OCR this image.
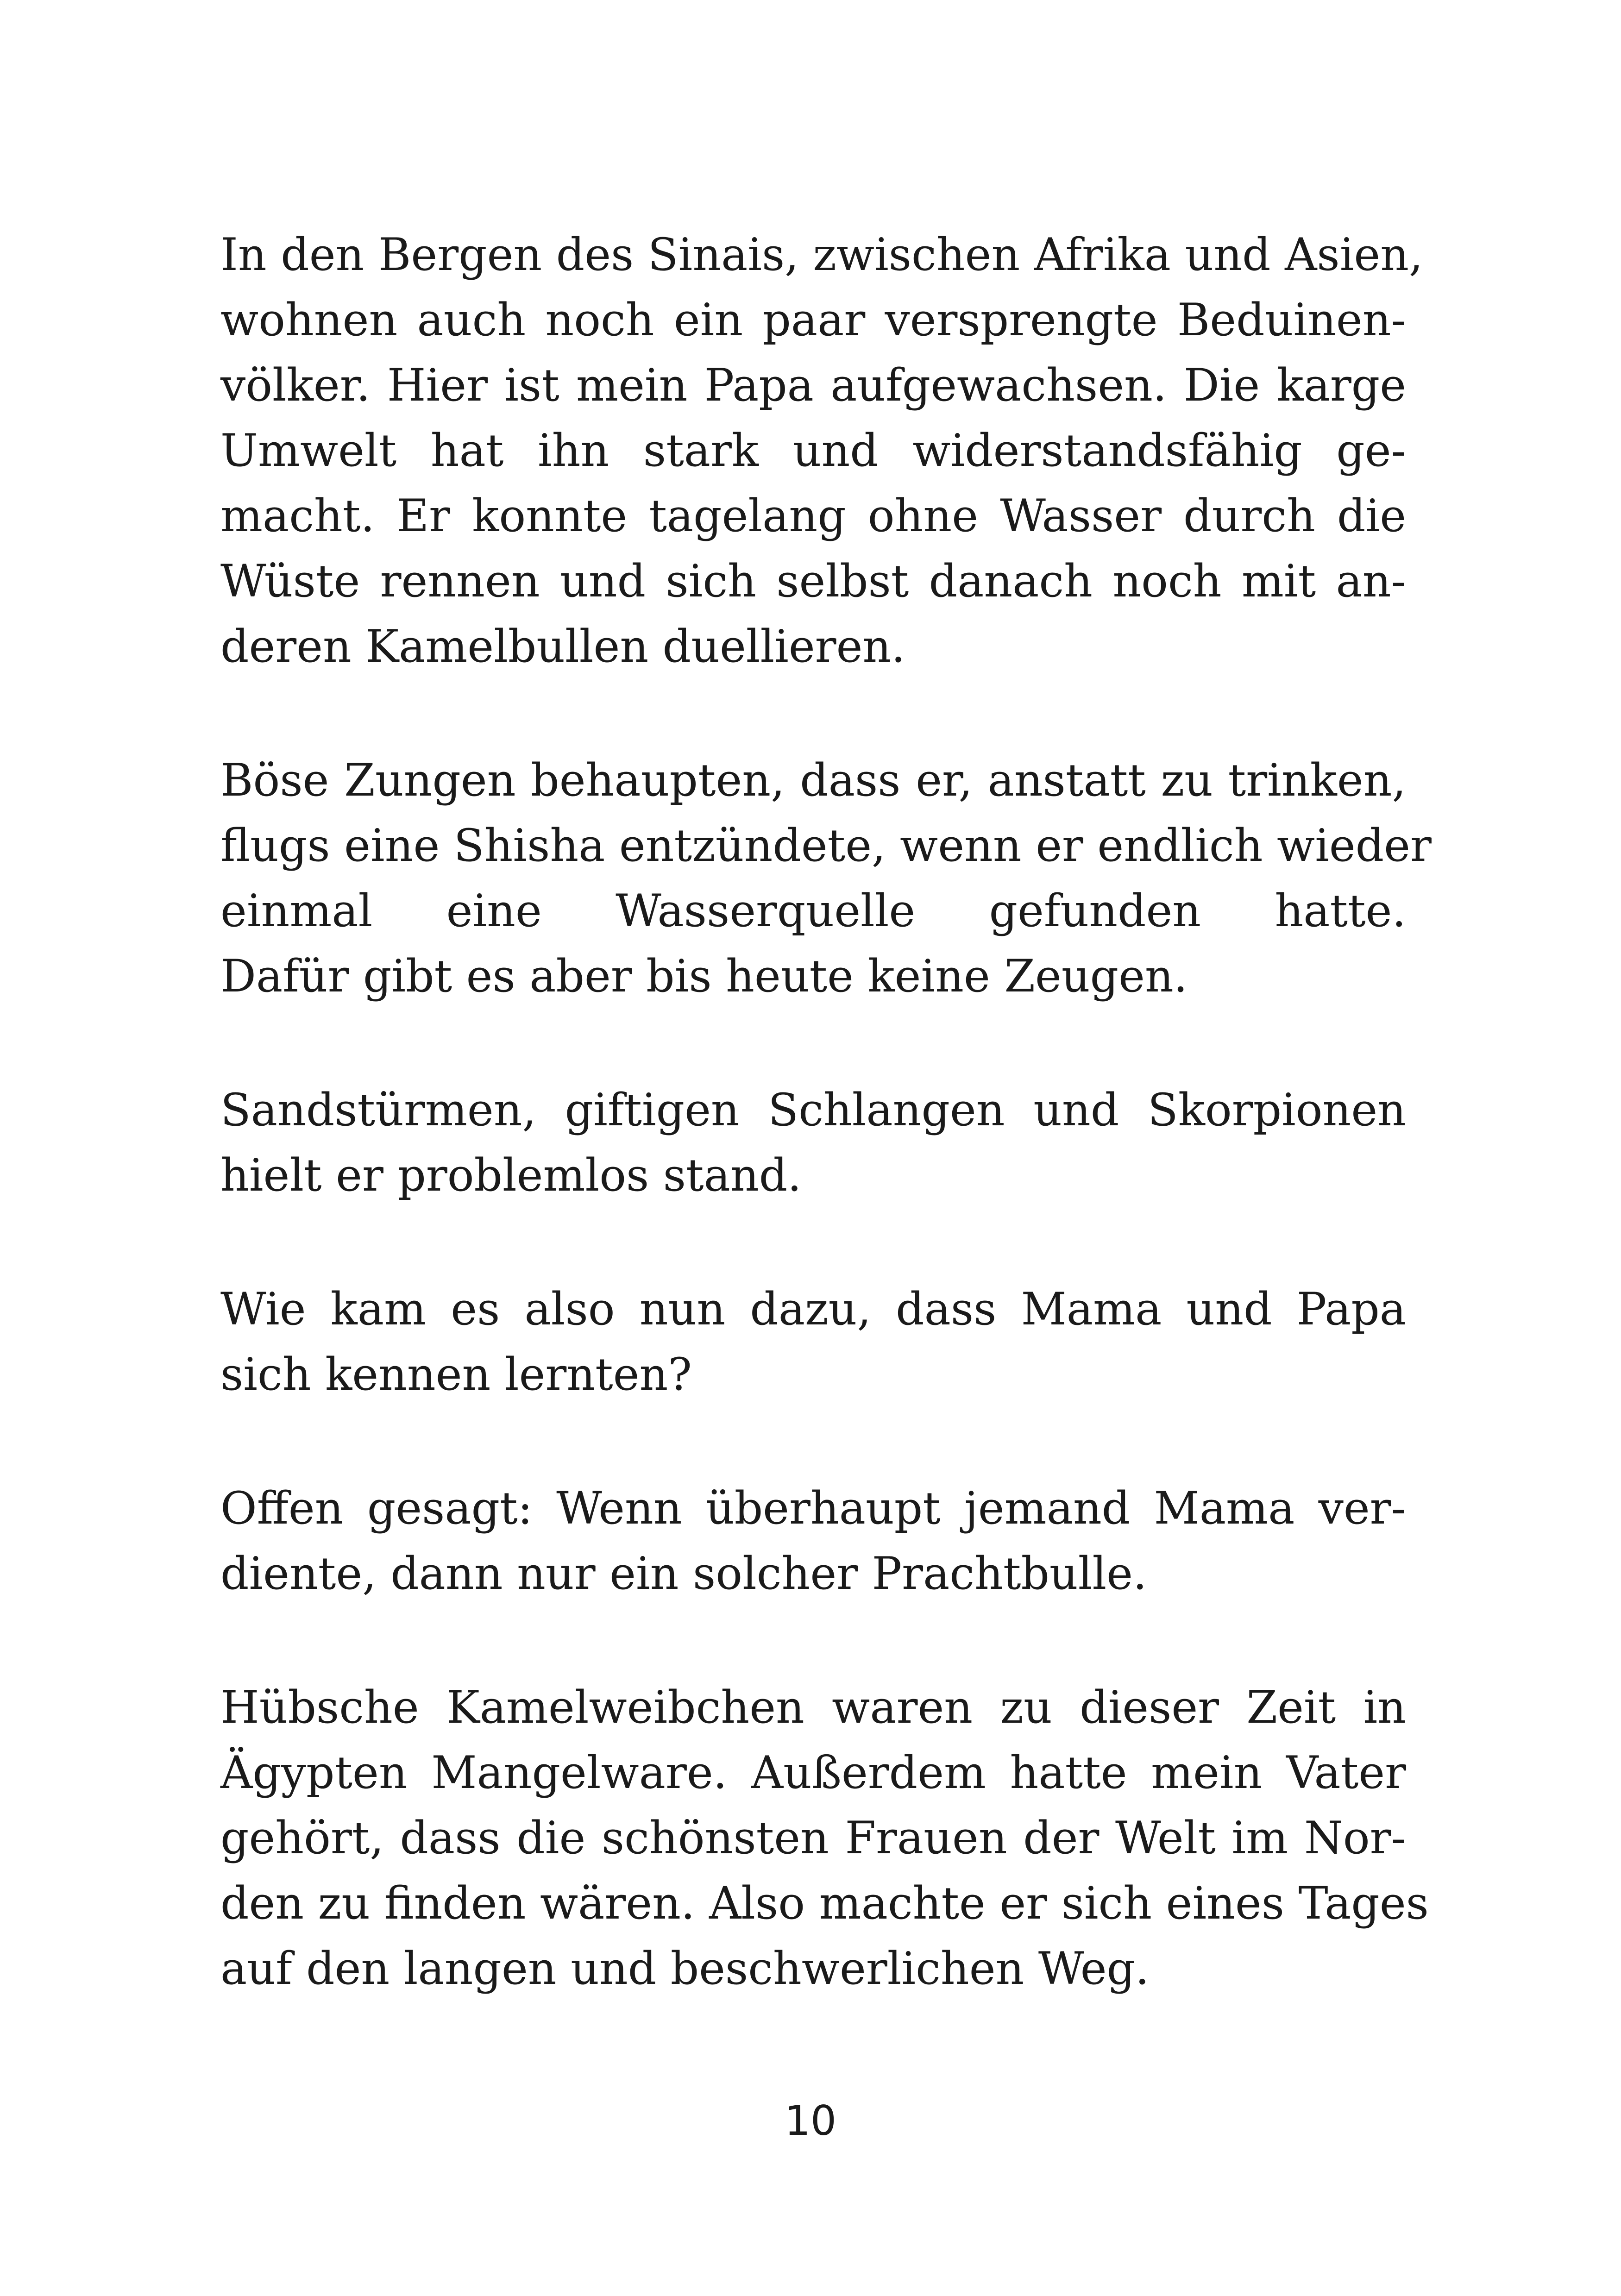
In den Bergen des Sinais, zwischen Afrika und Asien,

wohnen auch noch ein paar versprengte Beduinen-

völker. Hier ist mein Papa aufgewachsen. Die karge

Umwelt hat ihn stark und widerstandsfähig ge-

macht. Er konnte tagelang ohne Wasser durch die

Wüste rennen und sich selbst danach noch mit an-

deren Kamelbullen duellieren.

Böse Zungen behaupten, dass er, anstatt zu trinken,

flugs eine Shisha entzündete, wenn er endlich wieder

einmal eine Wasserquelle gefunden hatte.

Dafür gibt es aber bis heute keine Zeugen.

Sandstürmen, giftigen Schlangen und Skorpionen

hielt er problemlos stand.

Wie kam es also nun dazu, dass Mama und Papa

sich kennen lernten?

Offen gesagt: Wenn überhaupt jemand Mama ver-

diente, dann nur ein solcher Prachtbulle.

Hübsche Kamelweibchen waren zu dieser Zeit in

Ägypten Mangelware. Außerdem hatte mein Vater

gehört, dass die schönsten Frauen der Welt im Nor-

den zu finden wären. Also machte er sich eines Tages

auf den langen und beschwerlichen Weg.

10
